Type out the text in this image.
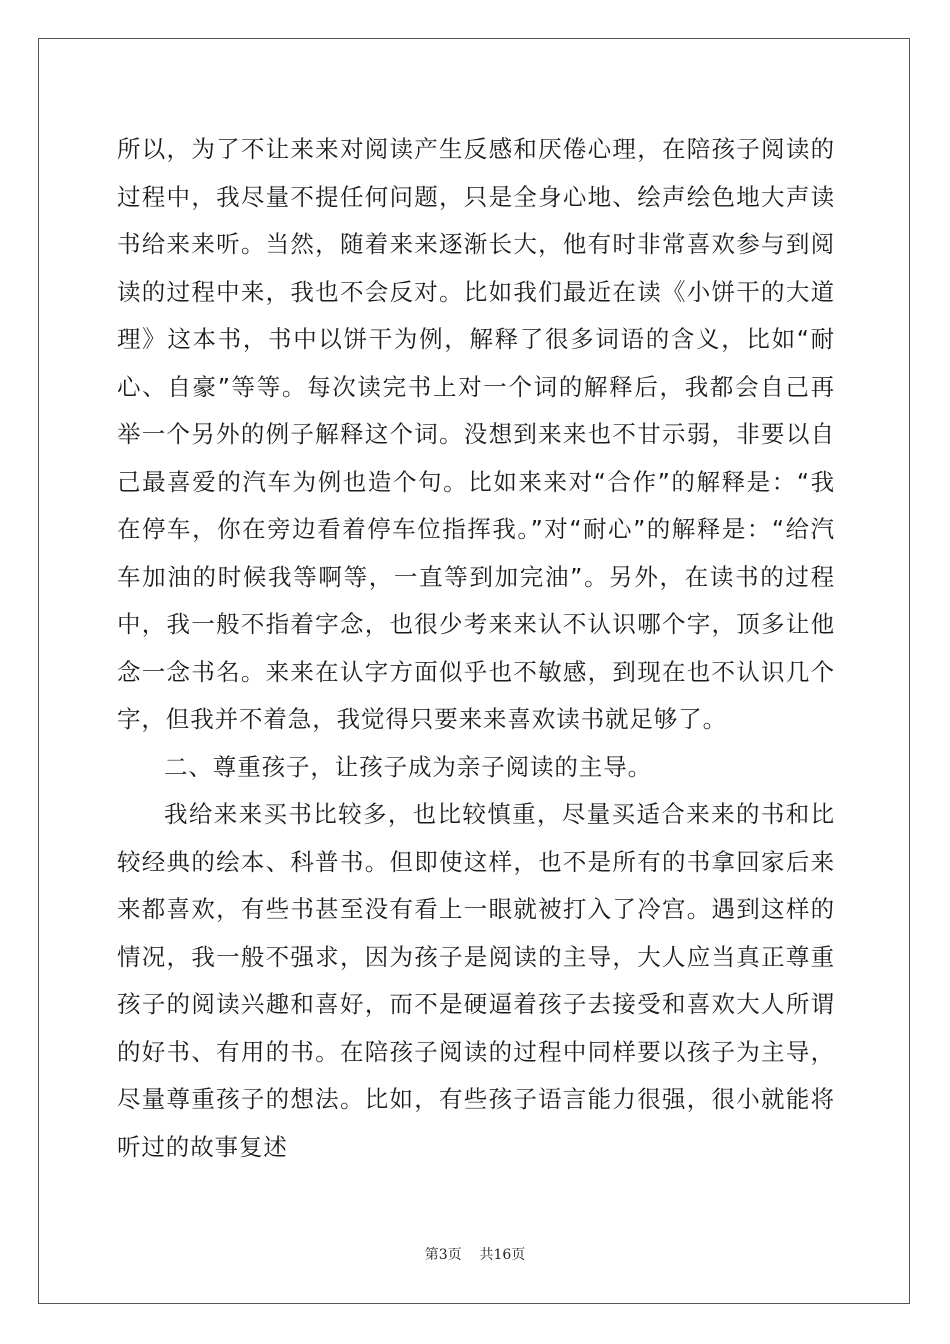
所以，为了不让来来对阅读产生反感和厌倦心理，在陪孩子阅读的过程中，我尽量不提任何问题，只是全身心地、绘声绘色地大声读书给来来听。当然，随着来来逐渐长大，他有时非常喜欢参与到阅读的过程中来，我也不会反对。比如我们最近在读《小饼干的大道理》这本书，书中以饼干为例，解释了很多词语的含义，比如“耐心、自豪”等等。每次读完书上对一个词的解释后，我都会自己再举一个另外的例子解释这个词。没想到来来也不甘示弱，非要以自己最喜爱的汽车为例也造个句。比如来来对“合作”的解释是：“我在停车，你在旁边看着停车位指挥我。”对“耐心”的解释是：“给汽车加油的时候我等啊等，一直等到加完油”。另外，在读书的过程中，我一般不指着字念，也很少考来来认不认识哪个字，顶多让他念一念书名。来来在认字方面似乎也不敏感，到现在也不认识几个字，但我并不着急，我觉得只要来来喜欢读书就足够了。

二、尊重孩子，让孩子成为亲子阅读的主导。

我给来来买书比较多，也比较慎重，尽量买适合来来的书和比较经典的绘本、科普书。但即使这样，也不是所有的书拿回家后来来都喜欢，有些书甚至没有看上一眼就被打入了冷宫。遇到这样的情况，我一般不强求，因为孩子是阅读的主导，大人应当真正尊重孩子的阅读兴趣和喜好，而不是硬逼着孩子去接受和喜欢大人所谓的好书、有用的书。在陪孩子阅读的过程中同样要以孩子为主导，尽量尊重孩子的想法。比如，有些孩子语言能力很强，很小就能将听过的故事复述

第3页 共16页
